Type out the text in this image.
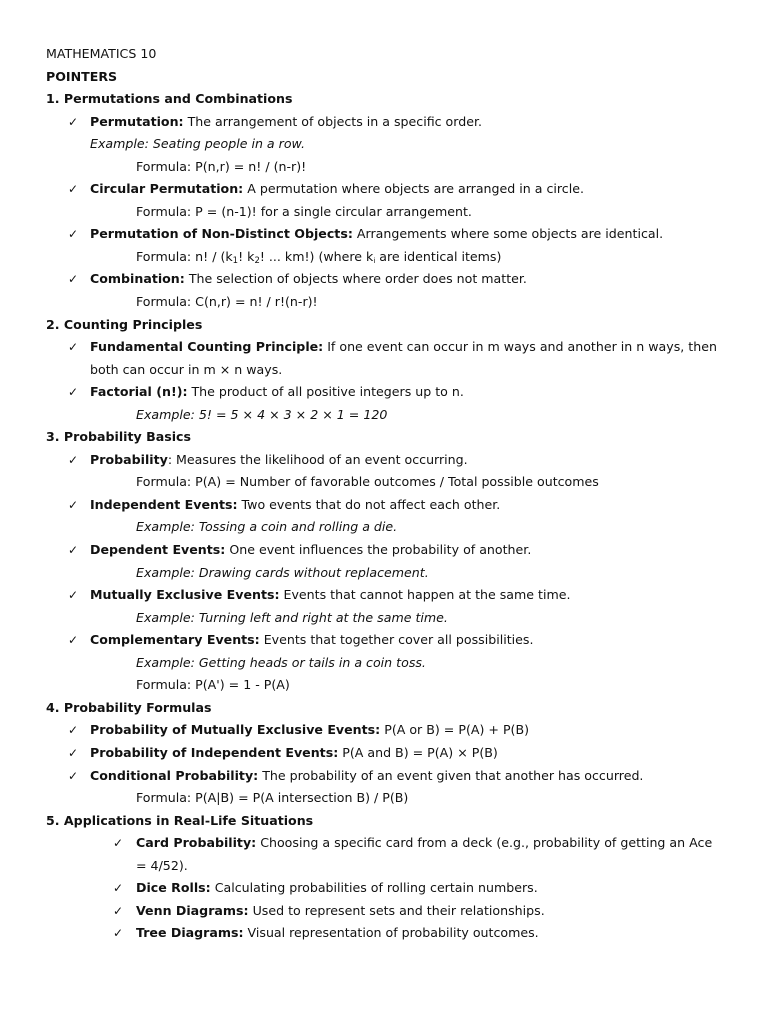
MATHEMATICS 10
POINTERS
1. Permutations and Combinations
✓ Permutation: The arrangement of objects in a specific order.
Example: Seating people in a row.
Formula: P(n,r) = n! / (n-r)!
✓ Circular Permutation: A permutation where objects are arranged in a circle.
Formula: P = (n-1)! for a single circular arrangement.
✓ Permutation of Non-Distinct Objects: Arrangements where some objects are identical.
Formula: n! / ($k_1$! $k_2$! ... km!) (where ki are identical items)
✓ Combination: The selection of objects where order does not matter.
Formula: C(n,r) = n! / r!(n-r)!
2. Counting Principles
✓ Fundamental Counting Principle: If one event can occur in m ways and another in n ways, then
both can occur in m × n ways.
✓ Factorial (n!): The product of all positive integers up to n.
Example: 5! = 5 × 4 × 3 × 2 × 1 = 120
3. Probability Basics
✓ Probability: Measures the likelihood of an event occurring.
Formula: P(A) = Number of favorable outcomes / Total possible outcomes
✓ Independent Events: Two events that do not affect each other.
Example: Tossing a coin and rolling a die.
✓ Dependent Events: One event influences the probability of another.
Example: Drawing cards without replacement.
✓ Mutually Exclusive Events: Events that cannot happen at the same time.
Example: Turning left and right at the same time.
✓ Complementary Events: Events that together cover all possibilities.
Example: Getting heads or tails in a coin toss.
Formula: P(A') = 1 - P(A)
4. Probability Formulas
✓ Probability of Mutually Exclusive Events: P(A or B) = P(A) + P(B)
✓ Probability of Independent Events: P(A and B) = P(A) × P(B)
✓ Conditional Probability: The probability of an event given that another has occurred.
Formula: P(A|B) = P(A intersection B) / P(B)
5. Applications in Real-Life Situations
✓	Card Probability: Choosing a specific card from a deck (e.g., probability of getting an Ace
= 4/52).
✓	Dice Rolls: Calculating probabilities of rolling certain numbers.
✓	Venn Diagrams: Used to represent sets and their relationships.
✓	Tree Diagrams: Visual representation of probability outcomes.
